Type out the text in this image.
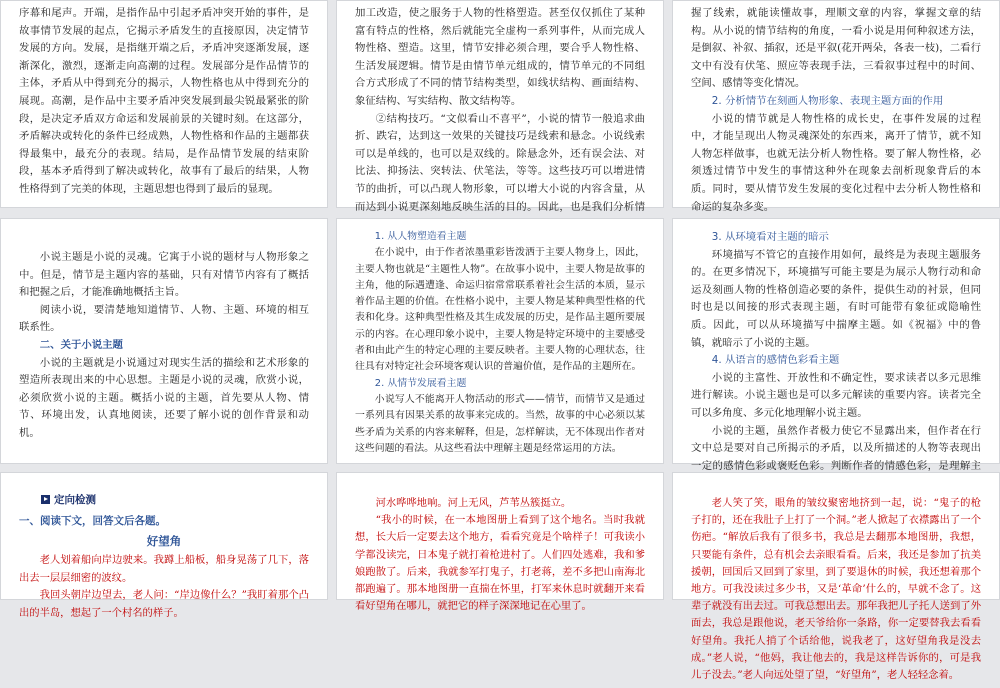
序幕和尾声。开端，是指作品中引起矛盾冲突开始的事件，是故事情节发展的起点，它揭示矛盾发生的直接原因，决定情节发展的方向。发展，是指继开端之后，矛盾冲突逐渐发展，逐渐深化，激烈，逐渐走向高潮的过程。发展部分是作品情节的主体，矛盾从中得到充分的揭示，人物性格也从中得到充分的展现。高潮，是作品中主要矛盾冲突发展到最尖锐最紧张的阶段，是决定矛盾双方命运和发展前景的关键时刻。在这部分，矛盾解决或转化的条件已经成熟，人物性格和作品的主题都获得最集中，最充分的表现。结局，是作品情节发展的结束阶段，基本矛盾得到了解决或转化，故事有了最后的结果，人物性格得到了完美的体现，主题思想也得到了最后的显现。

加工改造，使之服务于人物的性格塑造。甚至仅仅抓住了某种富有特点的性格，然后就能完全虚构一系列事件，从而完成人物性格、塑造。这里，情节安排必须合理，要合乎人物性格、生活发展逻辑。情节是由情节单元组成的，情节单元的不同组合方式形成了不同的情节结构类型，如线状结构、画面结构、象征结构、写实结构、散文结构等。

②结构技巧。“文似看山不喜平”，小说的情节一般追求曲折、跌宕，达到这一效果的关键技巧是线索和悬念。小说线索可以是单线的，也可以是双线的。除悬念外，还有误会法、对比法、抑扬法、突转法、伏笔法，等等。这些技巧可以增进情节的曲折，可以凸现人物形象，可以增大小说的内容含量，从而达到小说更深刻地反映生活的目的。因此，也是我们分析情

握了线索，就能读懂故事，理顺文章的内容，掌握文章的结构。从小说的情节结构的角度，一看小说是用何种叙述方法，是倒叙、补叙、插叙，还是平叙(花开两朵，各表一枝)，二看行文中有没有伏笔、照应等表现手法，三看叙事过程中的时间、空间、感情等变化情况。

2. 分析情节在刻画人物形象、表现主题方面的作用

小说的情节就是人物性格的成长史，在事件发展的过程中，才能呈现出人物灵魂深处的东西来，离开了情节，就不知人物怎样做事，也就无法分析人物性格。要了解人物性格，必须透过情节中发生的事情这种外在现象去剖析现象背后的本质。同时，要从情节发生发展的变化过程中去分析人物性格和命运的复杂多变。

小说主题是小说的灵魂。它寓于小说的题材与人物形象之中。但是，情节是主题内容的基础，只有对情节内容有了概括和把握之后，才能准确地概括主旨。

阅读小说，要清楚地知道情节、人物、主题、环境的相互联系性。

二、关于小说主题

小说的主题就是小说通过对现实生活的描绘和艺术形象的塑造所表现出来的中心思想。主题是小说的灵魂，欣赏小说，必须欣赏小说的主题。概括小说的主题，首先要从人物、情节、环境出发，认真地阅读，还要了解小说的创作背景和动机。

1. 从人物塑造看主题

在小说中，由于作者浓墨重彩皆泼洒于主要人物身上，因此，主要人物也就是“主题性人物”。在故事小说中，主要人物是故事的主角，他的际遇遭逢、命运归宿常常联系着社会生活的本质，显示着作品主题的价值。在性格小说中，主要人物是某种典型性格的代表和化身。这种典型性格及其生成发展的历史，是作品主题所要展示的内容。在心理印象小说中，主要人物是特定环境中的主要感受者和由此产生的特定心理的主要反映者。主要人物的心理状态，往往具有对特定社会环境客观认识的普遍价值，是作品的主题所在。

2. 从情节发展看主题

小说写人不能离开人物活动的形式——情节，而情节又是通过一系列具有因果关系的故事来完成的。当然，故事的中心必须以某些矛盾为关系的内容来解释，但是，怎样解读，无不体现出作者对这些问题的看法。从这些看法中理解主题是经常运用的方法。

3. 从环境看对主题的暗示

环境描写不管它的直接作用如何，最终是为表现主题服务的。在更多情况下，环境描写可能主要是为展示人物行动和命运及刻画人物的性格创造必要的条件，提供生动的衬景，但同时也是以间接的形式表现主题，有时可能带有象征或隐喻性质。因此，可以从环境描写中揣摩主题。如《祝福》中的鲁镇，就暗示了小说的主题。

4. 从语言的感情色彩看主题

小说的主富性、开放性和不确定性，要求读者以多元思维进行解读。小说主题也是可以多元解读的重要内容。读者完全可以多角度、多元化地理解小说主题。

小说的主题，虽然作者极力使它不显露出来，但作者在行文中总是要对自己所揭示的矛盾，以及所描述的人物等表现出一定的感情色彩或褒贬色彩。判断作者的情感色彩，是理解主

定向检测

一、阅读下文，回答文后各题。

好望角

老人划着船向岸边驶来。我蹲上船板，船身晃荡了几下，落出去一层层细密的波纹。

我回头朝岸边望去，老人问：“岸边像什么？”我盯着那个凸出的半岛，想起了一个村名的样子。

河水哗哗地响。河上无风，芦苇丛簇挺立。

“我小的时候，在一本地图册上看到了这个地名。当时我就想，长大后一定要去这个地方，看看究竟是个啥样子！可我读小学都没读完，日本鬼子就打着枪进村了。人们四处逃难，我和爹娘跑散了。后来，我就参军打鬼子，打老蒋，差不多把山南海北都跑遍了。那本地图册一直揣在怀里，打军来休息时就翻开来看看好望角在哪儿，就把它的样子深深地记在心里了。

老人笑了笑，眼角的皱纹聚密地挤到一起，说：“鬼子的枪子打的，还在我肚子上打了一个洞。”老人掀起了衣襟露出了一个伤疤。“解放后我有了很多书，我总是去翻那本地图册，我想，只要能有条件，总有机会去亲眼看看。后来，我还是参加了抗美援朝，回国后又回到了家里，到了要退休的时候，我还想着那个地方。可我没读过多少书，又是‘革命’什么的，早就不念了。这辈子就没有出去过。可我总想出去。那年我把儿子托人送到了外面去，我总是跟他说，老天爷给你一条路，你一定要替我去看看好望角。我托人捎了个话给他，说我老了，这好望角我是没去成。”老人说，“他妈，我让他去的，我是这样告诉你的，可是我儿子没去。”老人向远处望了望，“好望角”，老人轻轻念着。
